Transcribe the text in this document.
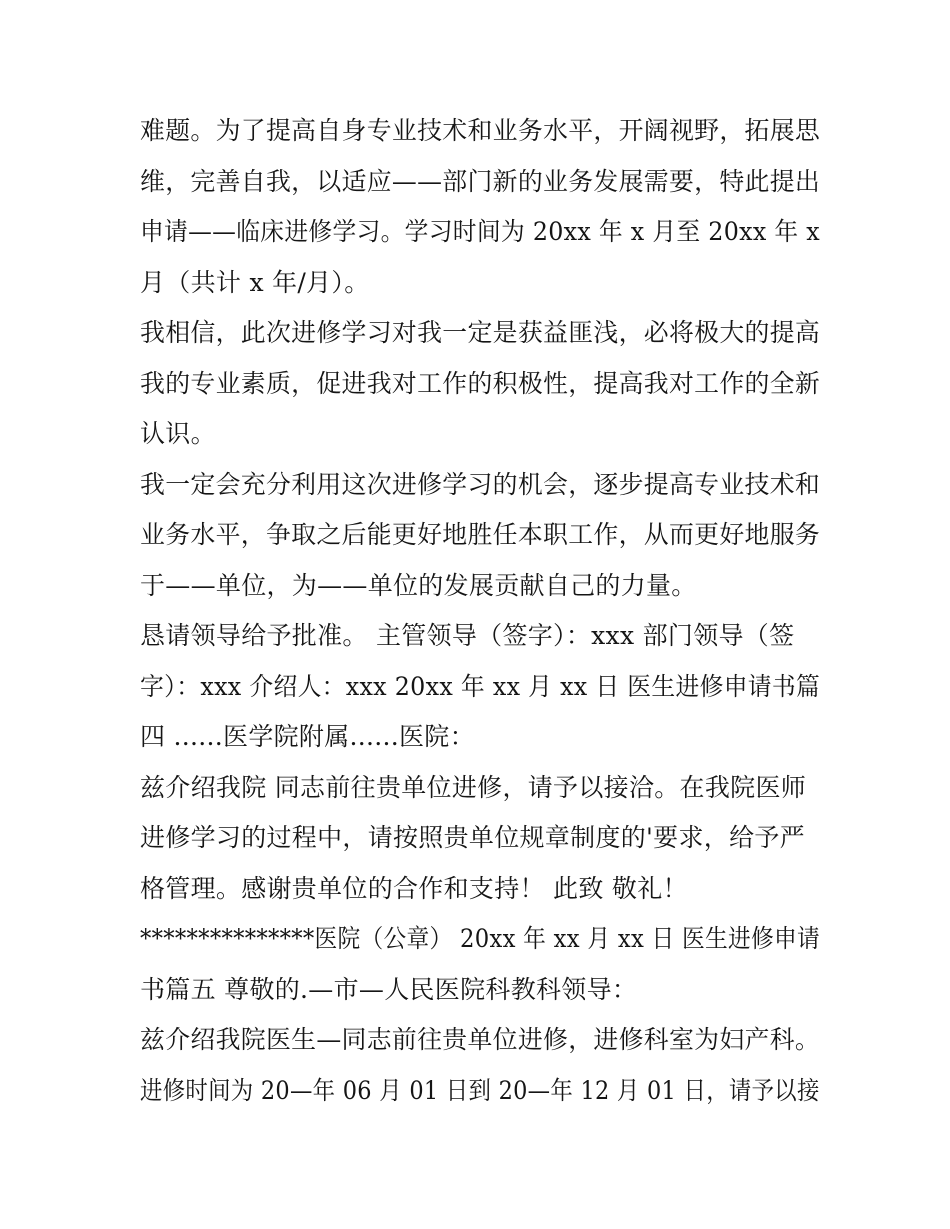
难题。为了提高自身专业技术和业务水平，开阔视野，拓展思
维，完善自我，以适应——部门新的业务发展需要，特此提出
申请——临床进修学习。学习时间为 20xx 年 x 月至 20xx 年 x
月（共计 x 年/月）。
我相信，此次进修学习对我一定是获益匪浅，必将极大的提高
我的专业素质，促进我对工作的积极性，提高我对工作的全新
认识。
我一定会充分利用这次进修学习的机会，逐步提高专业技术和
业务水平，争取之后能更好地胜任本职工作，从而更好地服务
于——单位，为——单位的发展贡献自己的力量。
恳请领导给予批准。 主管领导（签字）：xxx 部门领导（签
字）：xxx 介绍人：xxx 20xx 年 xx 月 xx 日 医生进修申请书篇
四 ......医学院附属......医院：
兹介绍我院 同志前往贵单位进修，请予以接洽。在我院医师
进修学习的过程中，请按照贵单位规章制度的'要求，给予严
格管理。感谢贵单位的合作和支持！ 此致 敬礼！
***************医院（公章） 20xx 年 xx 月 xx 日 医生进修申请
书篇五 尊敬的.—市—人民医院科教科领导：
兹介绍我院医生—同志前往贵单位进修，进修科室为妇产科。
进修时间为 20—年 06 月 01 日到 20—年 12 月 01 日，请予以接
